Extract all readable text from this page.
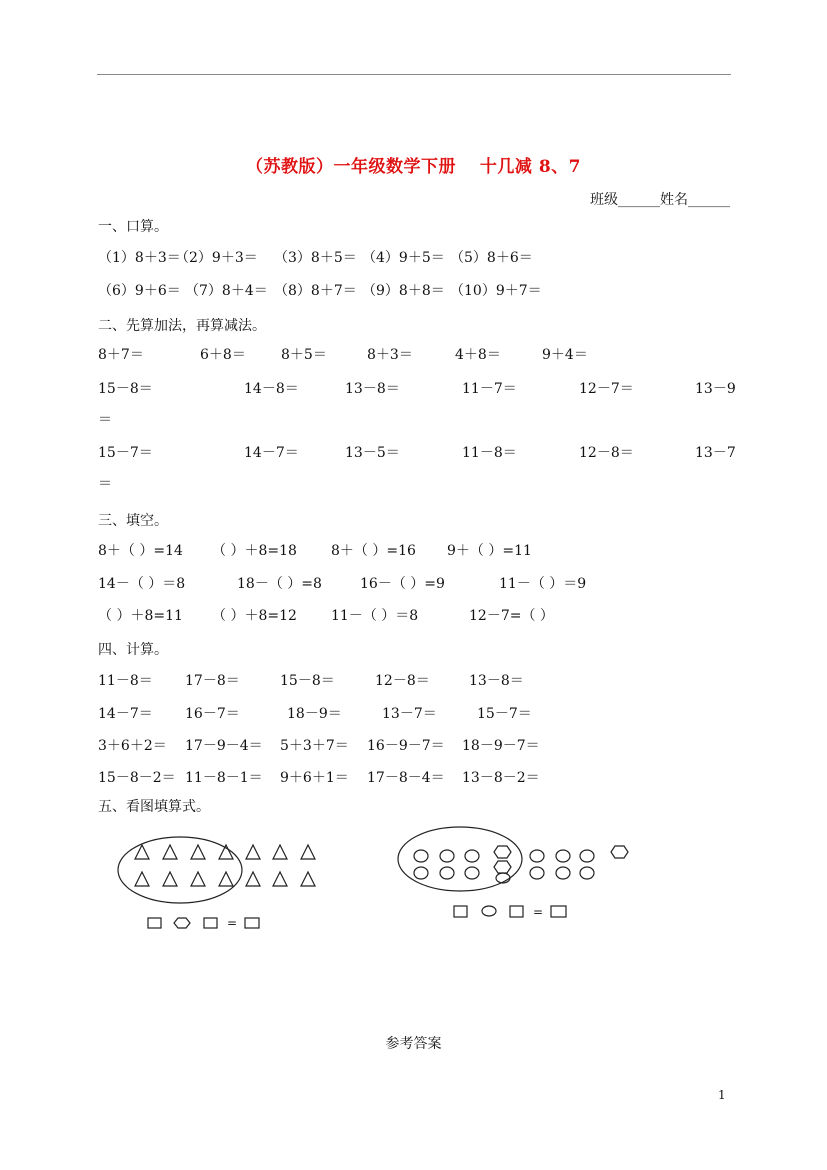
（苏教版）一年级数学下册　 十几减 8、7
班级______姓名______
一、口算。
（1）8＋3＝
（2）9＋3＝ （3）8＋5＝ （4）9＋5＝ （5）8＋6＝
（6）9＋6＝ （7）8＋4＝ （8）8＋7＝ （9）8＋8＝ （10）9＋7＝
二、先算加法，再算减法。
8＋7＝	6＋8＝	8＋5＝	8＋3＝	4＋8＝	9＋4＝
15－8＝	14－8＝	13－8＝	11－7＝	12－7＝	13－9
＝
15－7＝	14－7＝	13－5＝	11－8＝	12－8＝	13－7
＝
三、填空。
8＋（ ）=14 （ ）＋8=18 8＋（ ）=16 9＋（ ）=11
14－（ ）＝8	18－（ ）=8	16－（ ）=9	11－（ ）＝9
（ ）＋8=11 （ ）＋8=12 11－（ ）＝8	12－7=（ ）
四、计算。
11－8＝ 17－8＝	15－8＝	12－8＝	13－8＝
14－7＝ 16－7＝	18－9＝	13－7＝	15－7＝
3＋6＋2＝ 17－9－4＝ 5＋3＋7＝ 16－9－7＝ 18－9－7＝
15－8－2＝ 11－8－1＝ 9＋6＋1＝ 17－8－4＝ 13－8－2＝
五、看图填算式。
=
=
参考答案
1
